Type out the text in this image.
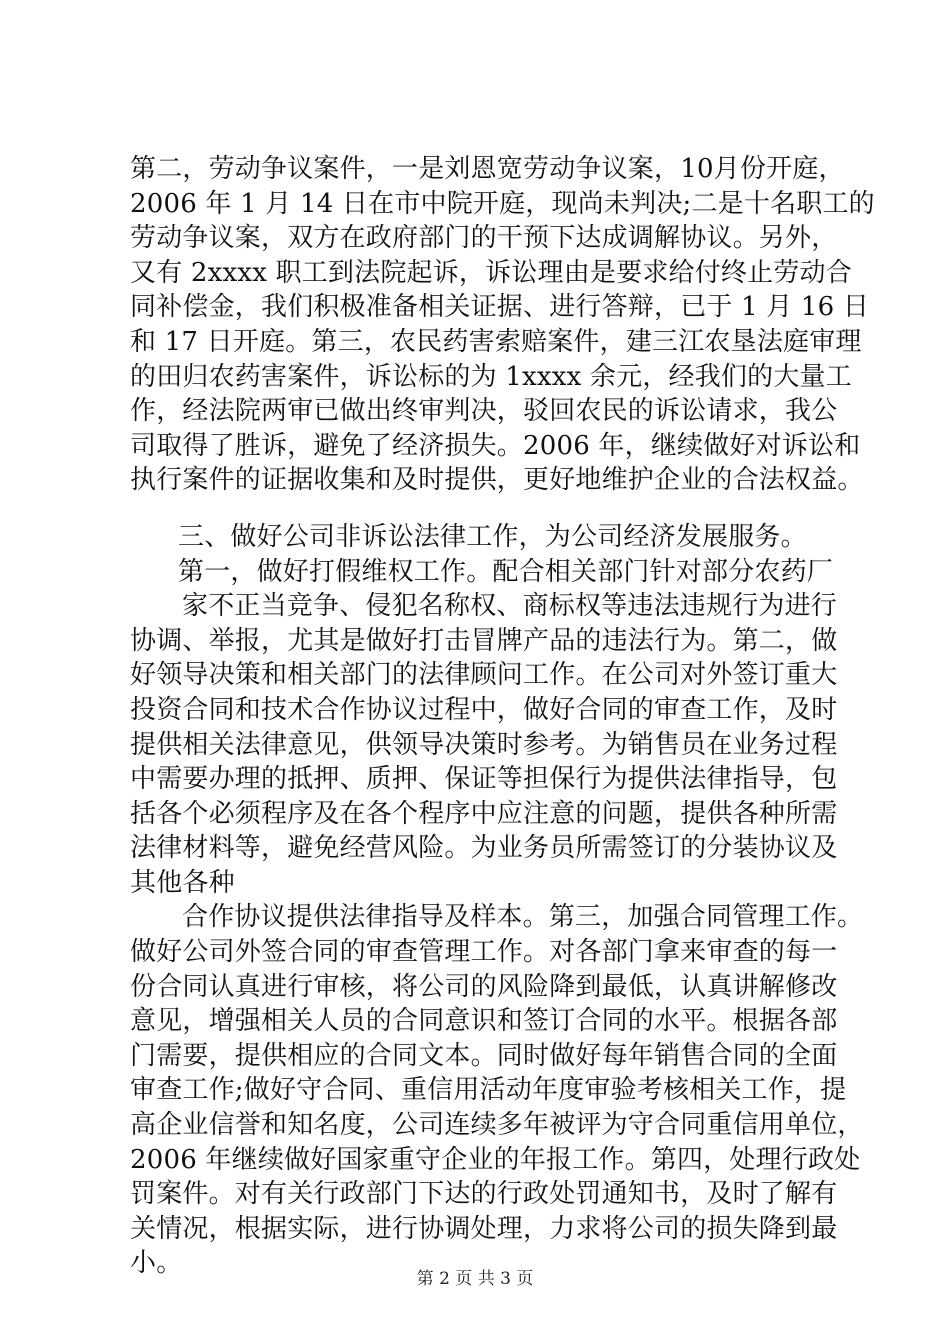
第二，劳动争议案件，一是刘恩宽劳动争议案，10月份开庭，
2006 年 1 月 14 日在市中院开庭，现尚未判决;二是十名职工的
劳动争议案，双方在政府部门的干预下达成调解协议。另外，
又有 2xxxx 职工到法院起诉，诉讼理由是要求给付终止劳动合
同补偿金，我们积极准备相关证据、进行答辩，已于 1 月 16 日
和 17 日开庭。第三，农民药害索赔案件，建三江农垦法庭审理
的田归农药害案件，诉讼标的为 1xxxx 余元，经我们的大量工
作，经法院两审已做出终审判决，驳回农民的诉讼请求，我公
司取得了胜诉，避免了经济损失。2006 年，继续做好对诉讼和
执行案件的证据收集和及时提供，更好地维护企业的合法权益。
三、做好公司非诉讼法律工作，为公司经济发展服务。
第一，做好打假维权工作。配合相关部门针对部分农药厂
家不正当竞争、侵犯名称权、商标权等违法违规行为进行
协调、举报，尤其是做好打击冒牌产品的违法行为。第二，做
好领导决策和相关部门的法律顾问工作。在公司对外签订重大
投资合同和技术合作协议过程中，做好合同的审查工作，及时
提供相关法律意见，供领导决策时参考。为销售员在业务过程
中需要办理的抵押、质押、保证等担保行为提供法律指导，包
括各个必须程序及在各个程序中应注意的问题，提供各种所需
法律材料等，避免经营风险。为业务员所需签订的分装协议及
其他各种
合作协议提供法律指导及样本。第三，加强合同管理工作。
做好公司外签合同的审查管理工作。对各部门拿来审查的每一
份合同认真进行审核，将公司的风险降到最低，认真讲解修改
意见，增强相关人员的合同意识和签订合同的水平。根据各部
门需要，提供相应的合同文本。同时做好每年销售合同的全面
审查工作;做好守合同、重信用活动年度审验考核相关工作，提
高企业信誉和知名度，公司连续多年被评为守合同重信用单位，
2006 年继续做好国家重守企业的年报工作。第四，处理行政处
罚案件。对有关行政部门下达的行政处罚通知书，及时了解有
关情况，根据实际，进行协调处理，力求将公司的损失降到最
小。
第 2 页 共 3 页
